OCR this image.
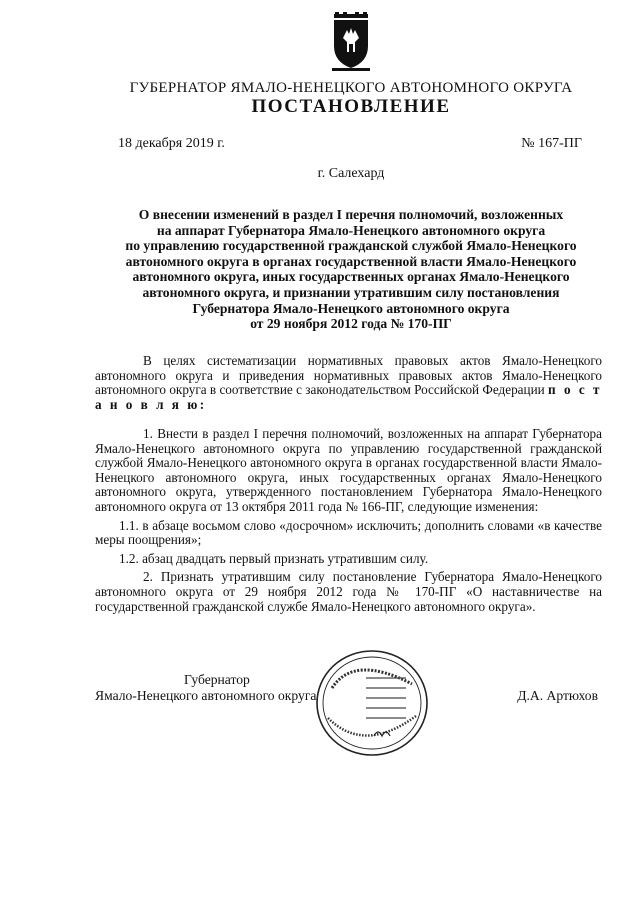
ГУБЕРНАТОР ЯМАЛО-НЕНЕЦКОГО АВТОНОМНОГО ОКРУГА
ПОСТАНОВЛЕНИЕ
18 декабря 2019 г.	№ 167-ПГ
г. Салехард
О внесении изменений в раздел I перечня полномочий, возложенных
на аппарат Губернатора Ямало-Ненецкого автономного округа
по управлению государственной гражданской службой Ямало-Ненецкого
автономного округа в органах государственной власти Ямало-Ненецкого
автономного округа, иных государственных органах Ямало-Ненецкого
автономного округа, и признании утратившим силу постановления
Губернатора Ямало-Ненецкого автономного округа
от 29 ноября 2012 года № 170-ПГ

В целях систематизации нормативных правовых актов Ямало-Ненецкого автономного округа и приведения нормативных правовых актов Ямало-Ненецкого автономного округа в соответствие с законодательством Российской Федерации п о с т а н о в л я ю:

1. Внести в раздел I перечня полномочий, возложенных на аппарат Губернатора Ямало-Ненецкого автономного округа по управлению государственной гражданской службой Ямало-Ненецкого автономного округа в органах государственной власти Ямало-Ненецкого автономного округа, иных государственных органах Ямало-Ненецкого автономного округа, утвержденного постановлением Губернатора Ямало-Ненецкого автономного округа от 13 октября 2011 года № 166-ПГ, следующие изменения:

1.1. в абзаце восьмом слово «досрочном» исключить; дополнить словами «в качестве меры поощрения»;

1.2. абзац двадцать первый признать утратившим силу.

2. Признать утратившим силу постановление Губернатора Ямало-Ненецкого автономного округа от 29 ноября 2012 года № 170-ПГ «О наставничестве на государственной гражданской службе Ямало-Ненецкого автономного округа».

Губернатор
Ямало-Ненецкого автономного округа	Д.А. Артюхов
